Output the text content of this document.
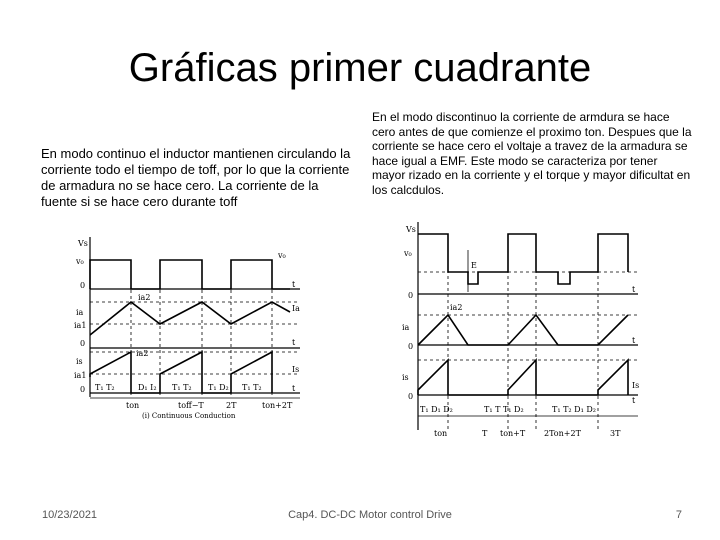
Gráficas primer cuadrante
En modo continuo el inductor mantienen circulando la corriente todo el tiempo de toff, por lo que la corriente de armadura no se hace cero. La corriente de la fuente si se hace cero durante toff
En el modo discontinuo la corriente de armdura se hace cero antes de que comienze el proximo ton. Despues que la corriente se hace cero el voltaje a travez de la armadura se hace igual a EMF. Este modo se caracteriza por tener mayor rizado en la corriente y el torque y mayor dificultat en los calcdulos.
Vs
v₀
v₀
0	t
ia2
ia	Ia
ia1
0	t
ia2
is
Is
ia1
0	t
T₁ T₂	D₁ I₂ T₁ T₂ T₁ D₂ T₁ T₂
ton	toff−T	2T	ton+2T
(i) Continuous Conduction
Vs
v₀
E
0
t
ia2
ia
0
t
is
Is
0	t
T₁ D₁ D₂	T₁ T T₁ D₂	T₁ T₂ D₁ D₂
ton	T ton+T 2Ton+2T	3T
10/23/2021	Cap4. DC-DC Motor control Drive	7
